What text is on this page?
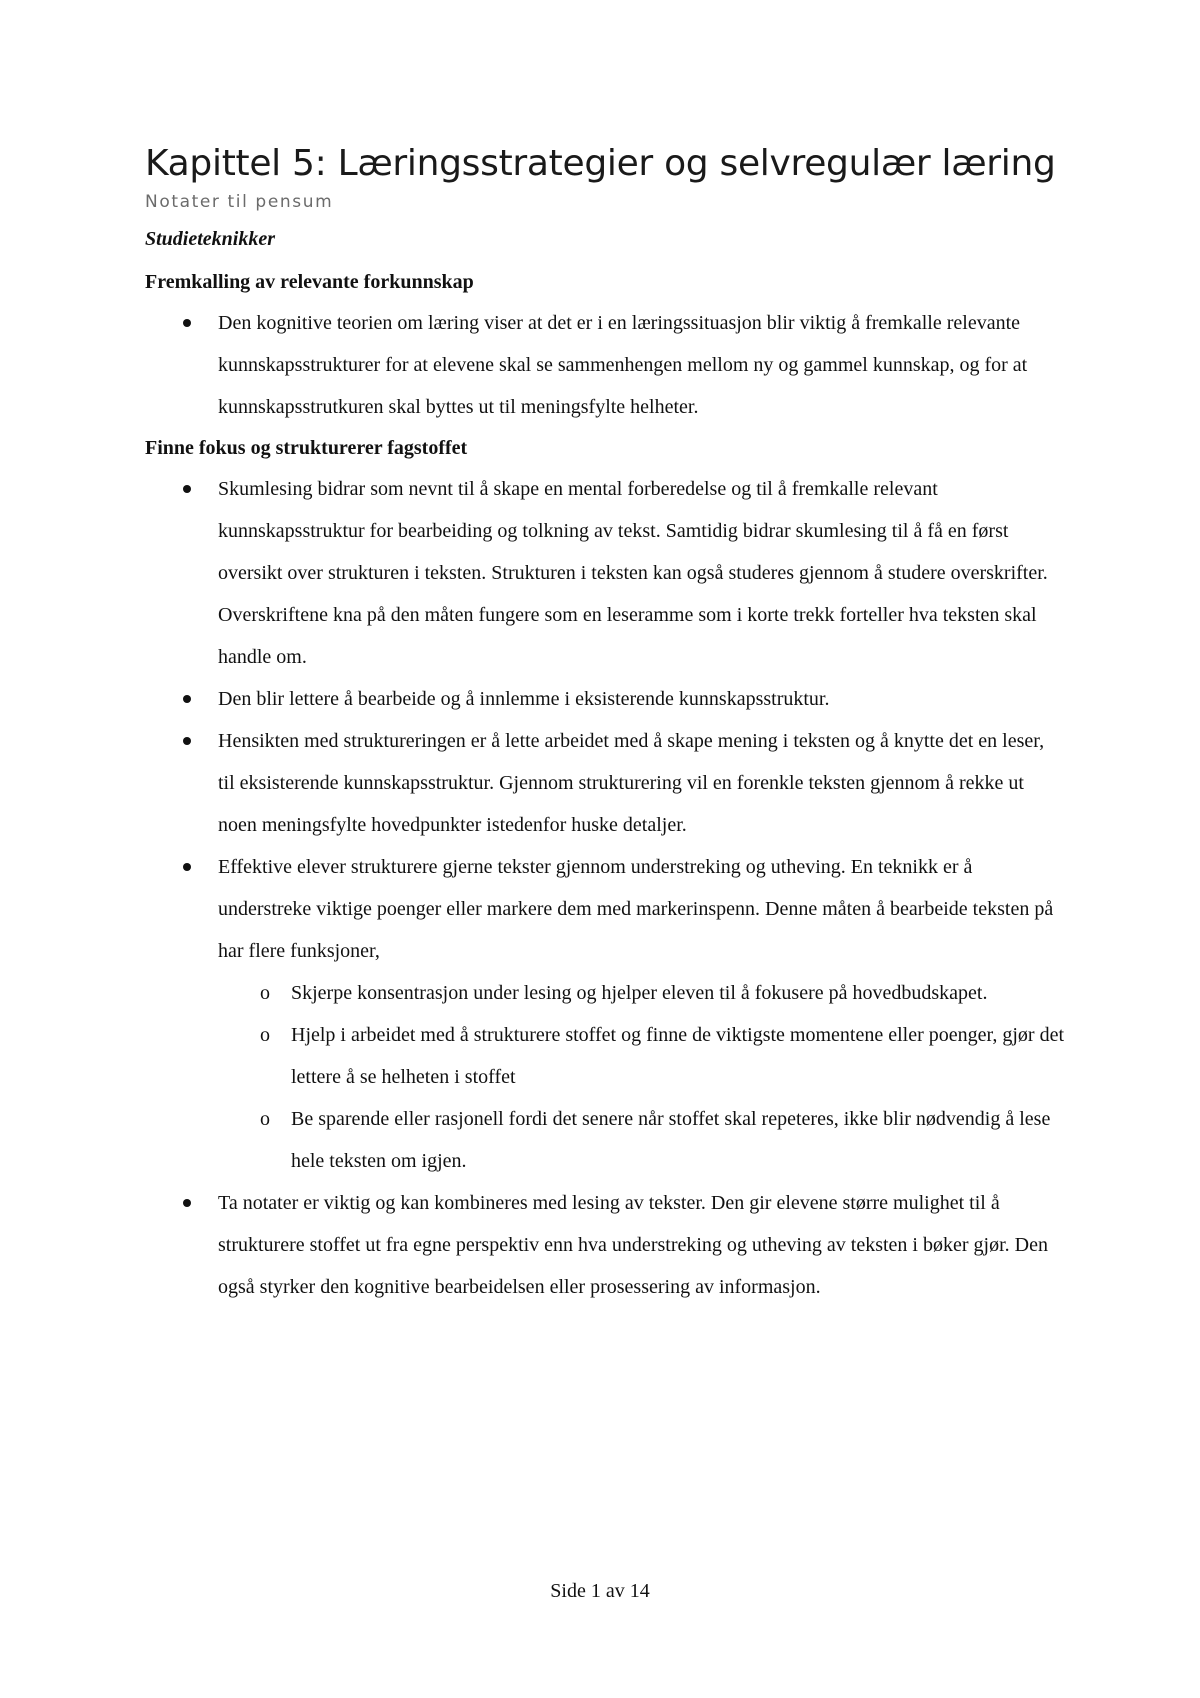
Kapittel 5: Læringsstrategier og selvregulær læring
Notater til pensum
Studieteknikker
Fremkalling av relevante forkunnskap
Den kognitive teorien om læring viser at det er i en læringssituasjon blir viktig å fremkalle relevante kunnskapsstrukturer for at elevene skal se sammenhengen mellom ny og gammel kunnskap, og for at kunnskapsstrutkuren skal byttes ut til meningsfylte helheter.
Finne fokus og strukturerer fagstoffet
Skumlesing bidrar som nevnt til å skape en mental forberedelse og til å fremkalle relevant kunnskapsstruktur for bearbeiding og tolkning av tekst. Samtidig bidrar skumlesing til å få en først oversikt over strukturen i teksten. Strukturen i teksten kan også studeres gjennom å studere overskrifter. Overskriftene kna på den måten fungere som en leseramme som i korte trekk forteller hva teksten skal handle om.
Den blir lettere å bearbeide og å innlemme i eksisterende kunnskapsstruktur.
Hensikten med struktureringen er å lette arbeidet med å skape mening i teksten og å knytte det en leser, til eksisterende kunnskapsstruktur. Gjennom strukturering vil en forenkle teksten gjennom å rekke ut noen meningsfylte hovedpunkter istedenfor huske detaljer.
Effektive elever strukturere gjerne tekster gjennom understreking og utheving. En teknikk er å understreke viktige poenger eller markere dem med markerinspenn. Denne måten å bearbeide teksten på har flere funksjoner,
o Skjerpe konsentrasjon under lesing og hjelper eleven til å fokusere på hovedbudskapet.
o Hjelp i arbeidet med å strukturere stoffet og finne de viktigste momentene eller poenger, gjør det lettere å se helheten i stoffet
o Be sparende eller rasjonell fordi det senere når stoffet skal repeteres, ikke blir nødvendig å lese hele teksten om igjen.
Ta notater er viktig og kan kombineres med lesing av tekster. Den gir elevene større mulighet til å strukturere stoffet ut fra egne perspektiv enn hva understreking og utheving av teksten i bøker gjør. Den også styrker den kognitive bearbeidelsen eller prosessering av informasjon.
Side 1 av 14
